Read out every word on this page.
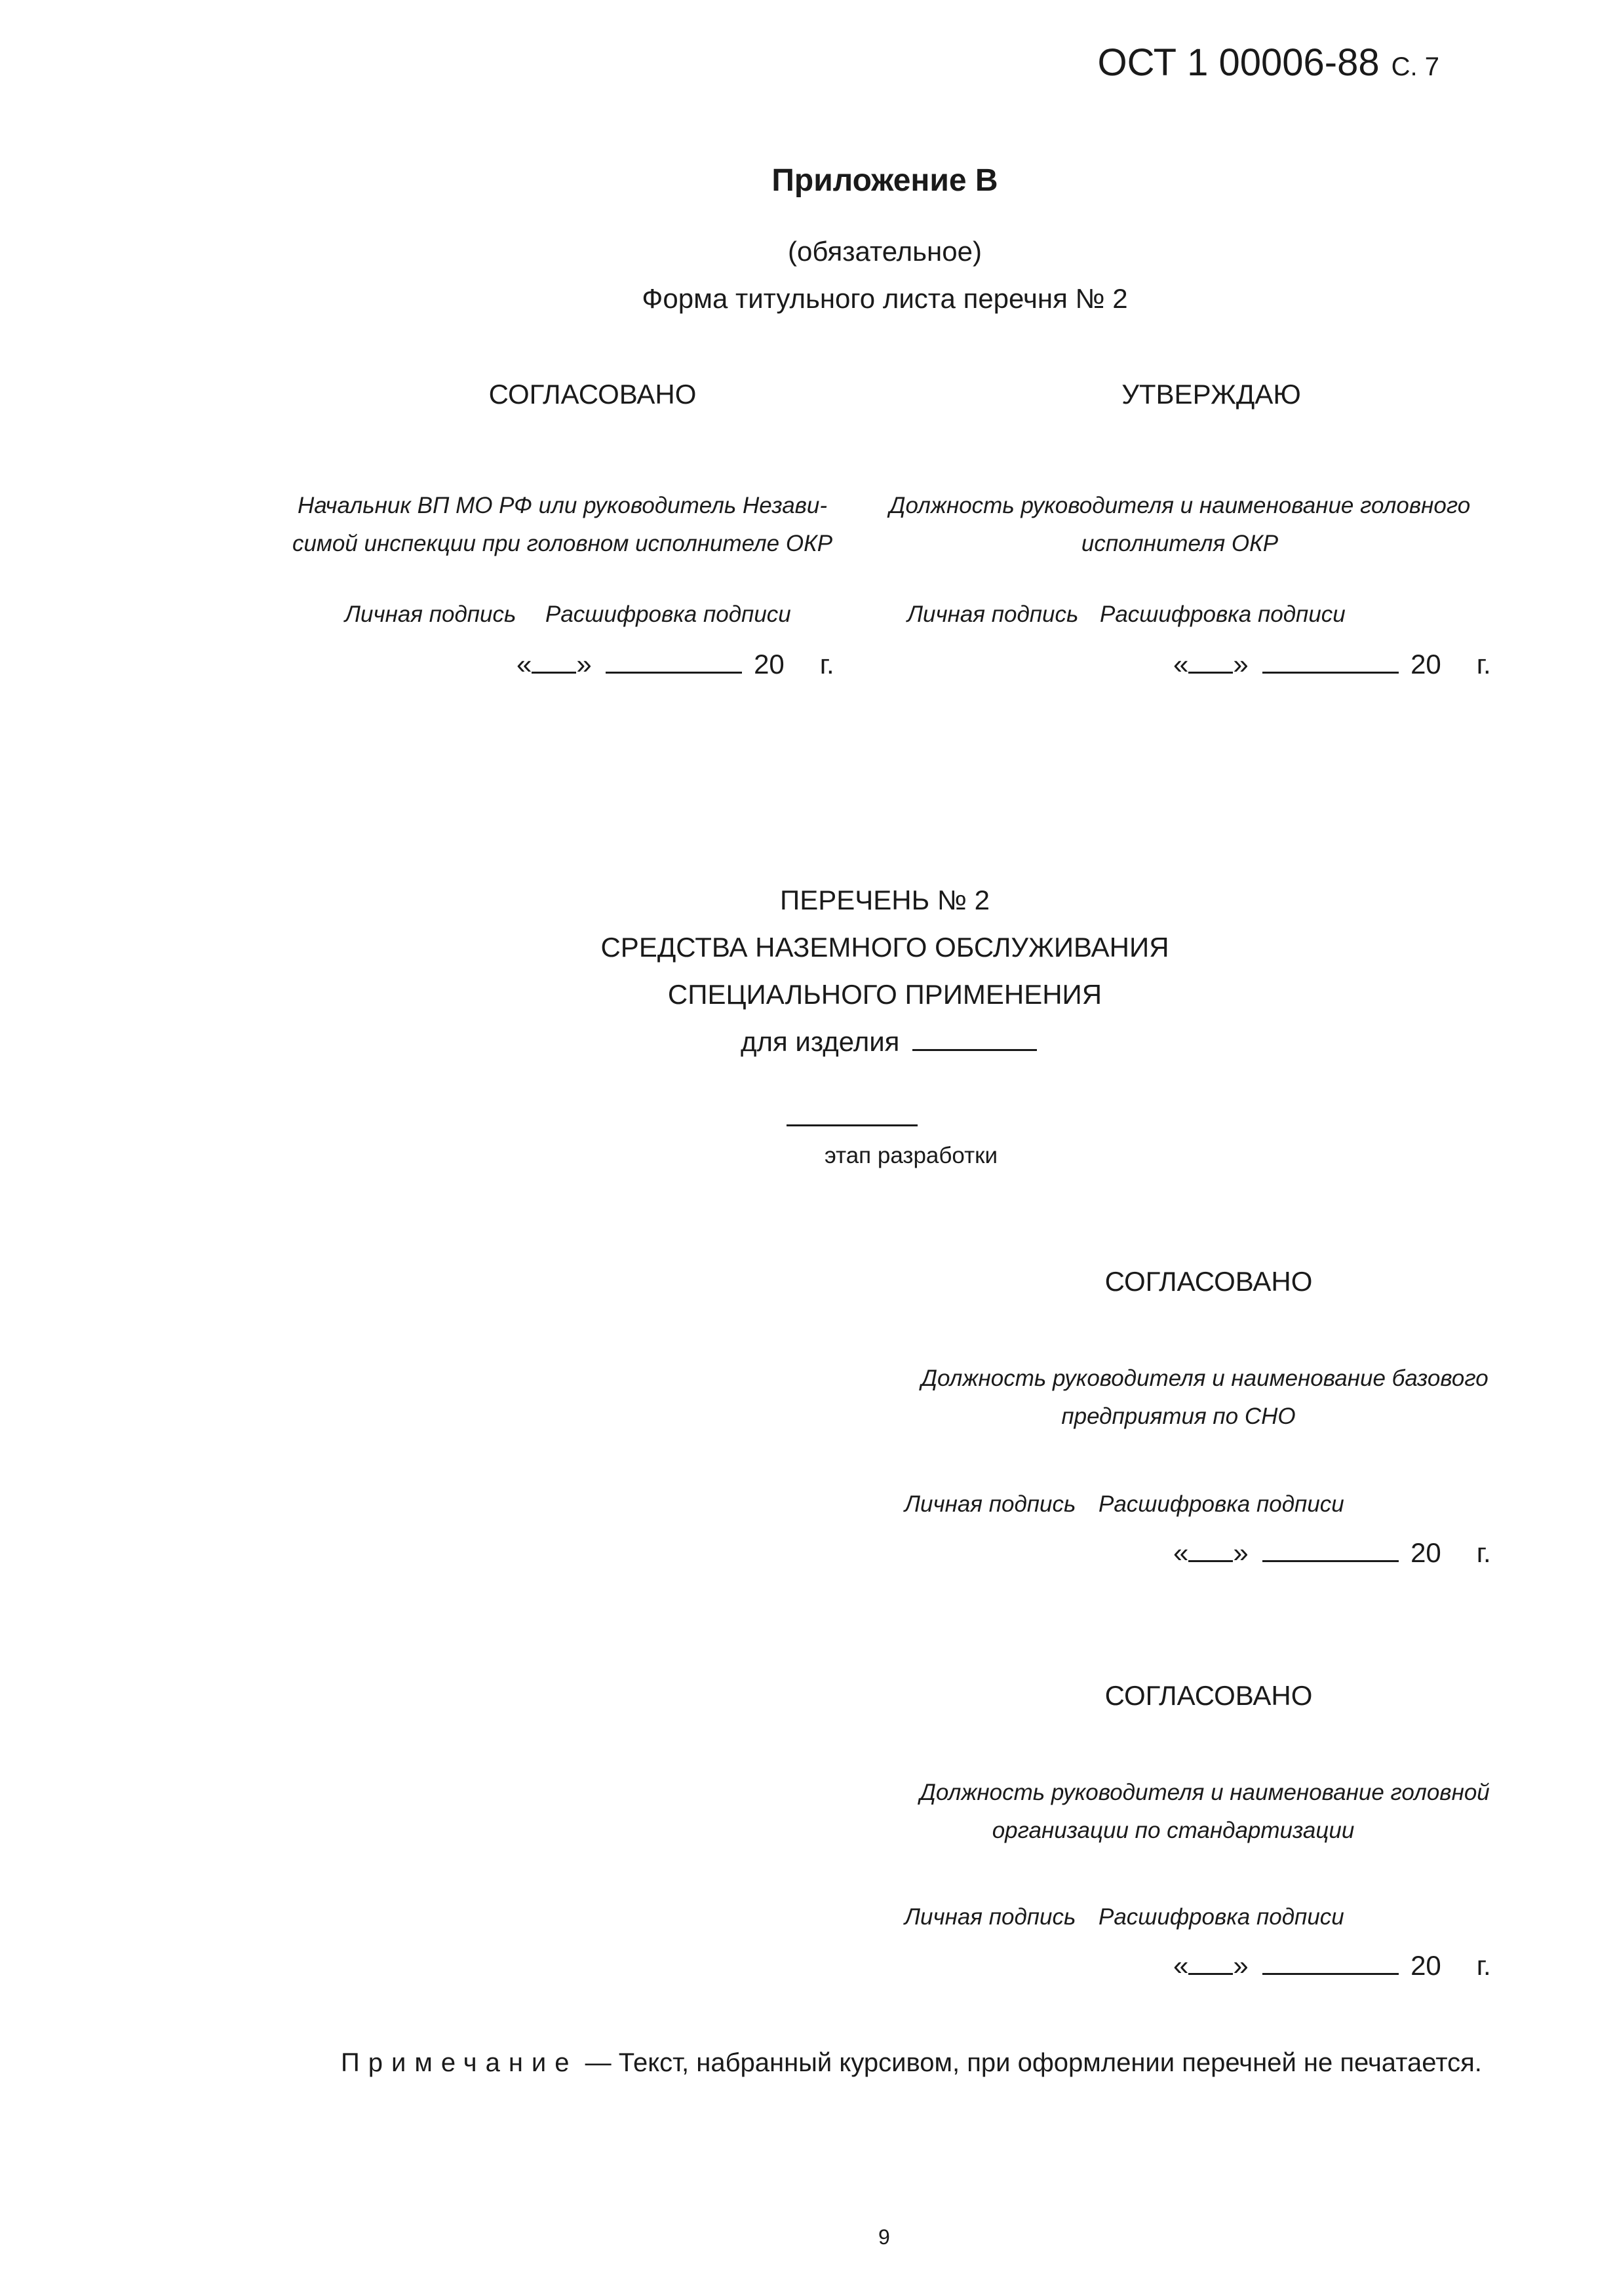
ОСТ 1 00006-88 С. 7
Приложение В
(обязательное)
Форма титульного листа перечня № 2
СОГЛАСОВАНО
Начальник ВП МО РФ или руководитель Незави-
симой инспекции при головном исполнителе ОКР
Личная подпись Расшифровка подписи
« »	20 г.
УТВЕРЖДАЮ
Должность руководителя и наименование головного
исполнителя ОКР
Личная подпись Расшифровка подписи
« »	20 г.
ПЕРЕЧЕНЬ № 2
СРЕДСТВА НАЗЕМНОГО ОБСЛУЖИВАНИЯ
СПЕЦИАЛЬНОГО ПРИМЕНЕНИЯ
для изделия
этап разработки
СОГЛАСОВАНО
Должность руководителя и наименование базового
предприятия по СНО
Личная подпись Расшифровка подписи
« »	20 г.
СОГЛАСОВАНО
Должность руководителя и наименование головной
организации по стандартизации
Личная подпись Расшифровка подписи
« »	20 г.
Примечание — Текст, набранный курсивом, при оформлении перечней не печатается.
9
